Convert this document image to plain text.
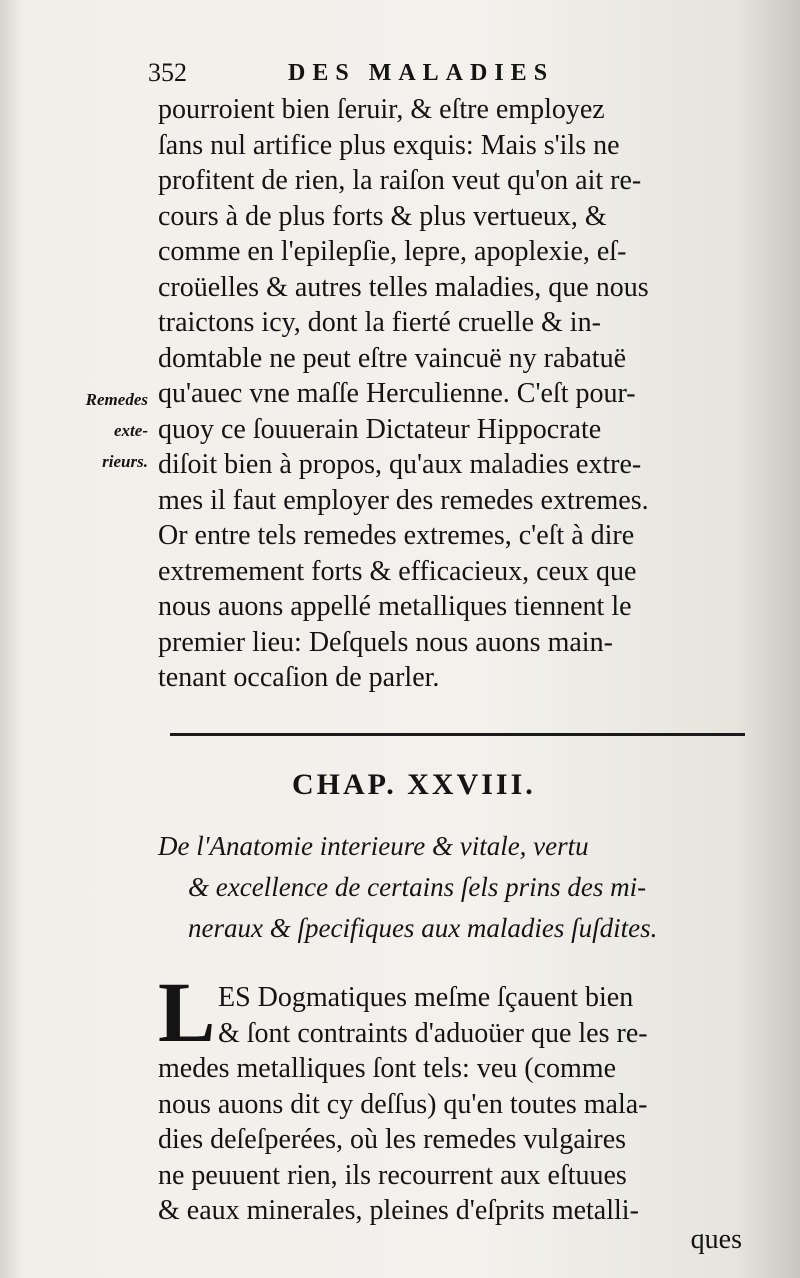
352	DES MALADIES
Remedes
exte-
rieurs.
pourroient bien ſeruir, & eſtre employez
ſans nul artifice plus exquis: Mais s'ils ne
profitent de rien, la raiſon veut qu'on ait re-
cours à de plus forts & plus vertueux, &
comme en l'epilepſie, lepre, apoplexie, eſ-
croüelles & autres telles maladies, que nous
traictons icy, dont la fierté cruelle & in-
domtable ne peut eſtre vaincuë ny rabatuë
qu'auec vne maſſe Herculienne. C'eſt pour-
quoy ce ſouuerain Dictateur Hippocrate
diſoit bien à propos, qu'aux maladies extre-
mes il faut employer des remedes extremes.
Or entre tels remedes extremes, c'eſt à dire
extremement forts & efficacieux, ceux que
nous auons appellé metalliques tiennent le
premier lieu: Deſquels nous auons main-
tenant occaſion de parler.
CHAP. XXVIII.
De l'Anatomie interieure & vitale, vertu
& excellence de certains ſels prins des mi-
neraux & ſpecifiques aux maladies ſuſdites.
L ES Dogmatiques meſme ſçauent bien
& ſont contraints d'aduoüer que les re-
medes metalliques ſont tels: veu (comme
nous auons dit cy deſſus) qu'en toutes mala-
dies deſeſperées, où les remedes vulgaires
ne peuuent rien, ils recourrent aux eſtuues
& eaux minerales, pleines d'eſprits metalli-
ques
